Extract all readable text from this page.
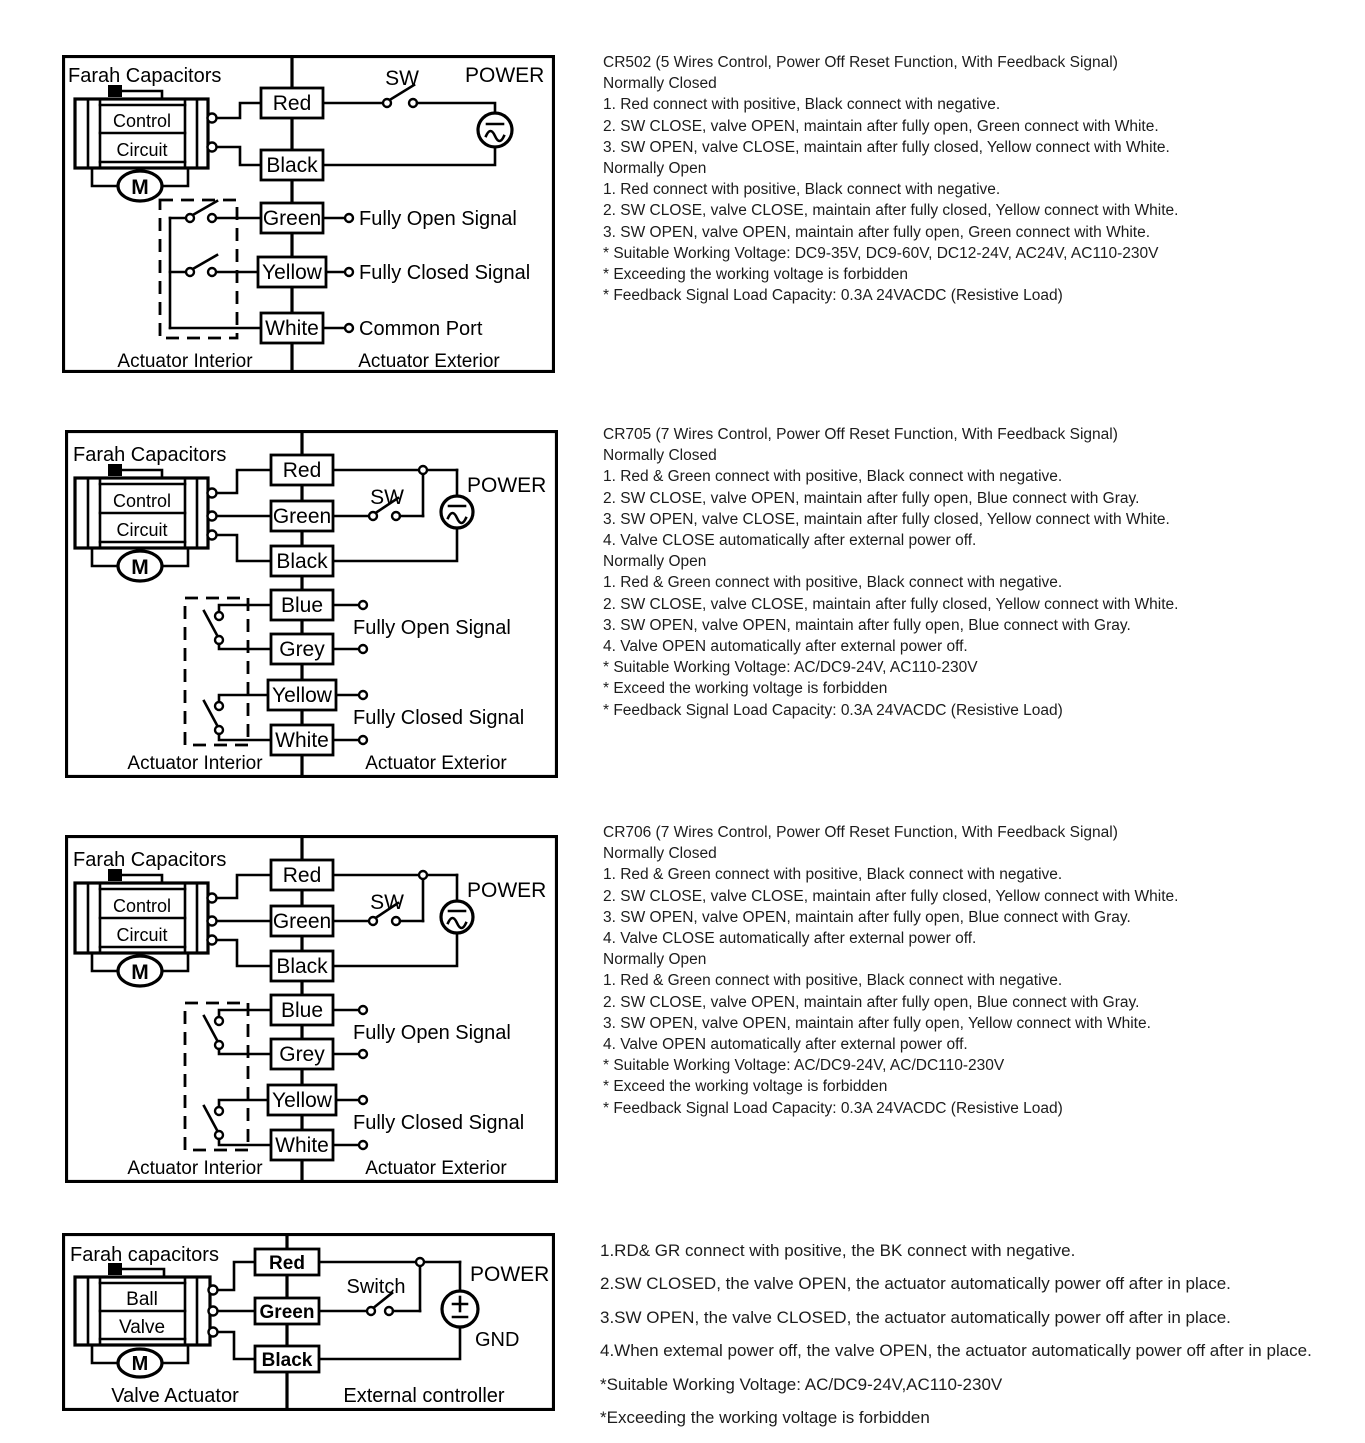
Control
Circuit
M
Red
Black
Green
Yellow
White
Farah Capacitors	SW POWER
Fully Open Signal
Fully Closed Signal
Common Port
Actuator Interior	Actuator Exterior
CR502 (5 Wires Control, Power Off Reset Function, With Feedback Signal)
Normally Closed
1. Red connect with positive, Black connect with negative.
2. SW CLOSE, valve OPEN, maintain after fully open, Green connect with White.
3. SW OPEN, valve CLOSE, maintain after fully closed, Yellow connect with White.
Normally Open
1. Red connect with positive, Black connect with negative.
2. SW CLOSE, valve CLOSE, maintain after fully closed, Yellow connect with White.
3. SW OPEN, valve OPEN, maintain after fully open, Green connect with White.
* Suitable Working Voltage: DC9-35V, DC9-60V, DC12-24V, AC24V, AC110-230V
* Exceeding the working voltage is forbidden
* Feedback Signal Load Capacity: 0.3A 24VACDC (Resistive Load)
Control
Circuit
M
Red
Green
Black
Blue
Grey
Yellow
White
Farah Capacitors
SW
POWER
Fully Open Signal
Fully Closed Signal
Actuator Interior	Actuator Exterior
CR705 (7 Wires Control, Power Off Reset Function, With Feedback Signal)
Normally Closed
1. Red & Green connect with positive, Black connect with negative.
2. SW CLOSE, valve OPEN, maintain after fully open, Blue connect with Gray.
3. SW OPEN, valve CLOSE, maintain after fully closed, Yellow connect with White.
4. Valve CLOSE automatically after external power off.
Normally Open
1. Red & Green connect with positive, Black connect with negative.
2. SW CLOSE, valve CLOSE, maintain after fully closed, Yellow connect with White.
3. SW OPEN, valve OPEN, maintain after fully open, Blue connect with Gray.
4. Valve OPEN automatically after external power off.
* Suitable Working Voltage: AC/DC9-24V, AC110-230V
* Exceed the working voltage is forbidden
* Feedback Signal Load Capacity: 0.3A 24VACDC (Resistive Load)
Control
Circuit
M
Red
Green
Black
Blue
Grey
Yellow
White
Farah Capacitors
SW
POWER
Fully Open Signal
Fully Closed Signal
Actuator Interior	Actuator Exterior
CR706 (7 Wires Control, Power Off Reset Function, With Feedback Signal)
Normally Closed
1. Red & Green connect with positive, Black connect with negative.
2. SW CLOSE, valve CLOSE, maintain after fully closed, Yellow connect with White.
3. SW OPEN, valve OPEN, maintain after fully open, Blue connect with Gray.
4. Valve CLOSE automatically after external power off.
Normally Open
1. Red & Green connect with positive, Black connect with negative.
2. SW CLOSE, valve OPEN, maintain after fully open, Blue connect with Gray.
3. SW OPEN, valve OPEN, maintain after fully open, Yellow connect with White.
4. Valve OPEN automatically after external power off.
* Suitable Working Voltage: AC/DC9-24V, AC/DC110-230V
* Exceed the working voltage is forbidden
* Feedback Signal Load Capacity: 0.3A 24VACDC (Resistive Load)
Ball
Valve
M
Red
Green
Black
Farah capacitors
Switch
POWER
GND
Valve Actuator	External controller
1.RD& GR connect with positive, the BK connect with negative.
2.SW CLOSED, the valve OPEN, the actuator automatically power off after in place.
3.SW OPEN, the valve CLOSED, the actuator automatically power off after in place.
4.When extemal power off, the valve OPEN, the actuator automatically power off after in place.
*Suitable Working Voltage: AC/DC9-24V,AC110-230V
*Exceeding the working voltage is forbidden
